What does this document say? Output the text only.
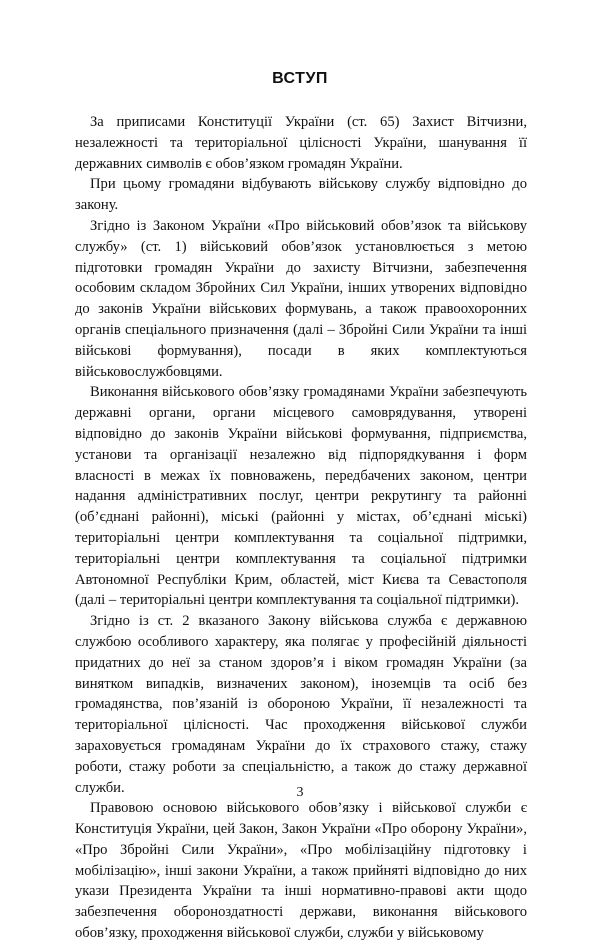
ВСТУП

За приписами Конституції України (ст. 65) Захист Вітчизни, незалежності та територіальної цілісності України, шанування її державних символів є обов’язком громадян України.

При цьому громадяни відбувають військову службу відповідно до закону.

Згідно із Законом України «Про військовий обов’язок та військову службу» (ст. 1) військовий обов’язок установлюється з метою підготовки громадян України до захисту Вітчизни, забезпечення особовим складом Збройних Сил України, інших утворених відповідно до законів України військових формувань, а також правоохоронних органів спеціального призначення (далі – Збройні Сили України та інші військові формування), посади в яких комплектуються військовослужбовцями.

Виконання військового обов’язку громадянами України забезпечують державні органи, органи місцевого самоврядування, утворені відповідно до законів України військові формування, підприємства, установи та організації незалежно від підпорядкування і форм власності в межах їх повноважень, передбачених законом, центри надання адміністративних послуг, центри рекрутингу та районні (об’єднані районні), міські (районні у містах, об’єднані міські) територіальні центри комплектування та соціальної підтримки, територіальні центри комплектування та соціальної підтримки Автономної Республіки Крим, областей, міст Києва та Севастополя (далі – територіальні центри комплектування та соціальної підтримки).

Згідно із ст. 2 вказаного Закону військова служба є державною службою особливого характеру, яка полягає у професійній діяльності придатних до неї за станом здоров’я і віком громадян України (за винятком випадків, визначених законом), іноземців та осіб без громадянства, пов’язаній із обороною України, її незалежності та територіальної цілісності. Час проходження військової служби зараховується громадянам України до їх страхового стажу, стажу роботи, стажу роботи за спеціальністю, а також до стажу державної служби.

Правовою основою військового обов’язку і військової служби є Конституція України, цей Закон, Закон України «Про оборону України», «Про Збройні Сили України», «Про мобілізаційну підготовку і мобілізацію», інші закони України, а також прийняті відповідно до них укази Президента України та інші нормативно-правові акти щодо забезпечення обороноздатності держави, виконання військового обов’язку, проходження військової служби, служби у військовому

3
